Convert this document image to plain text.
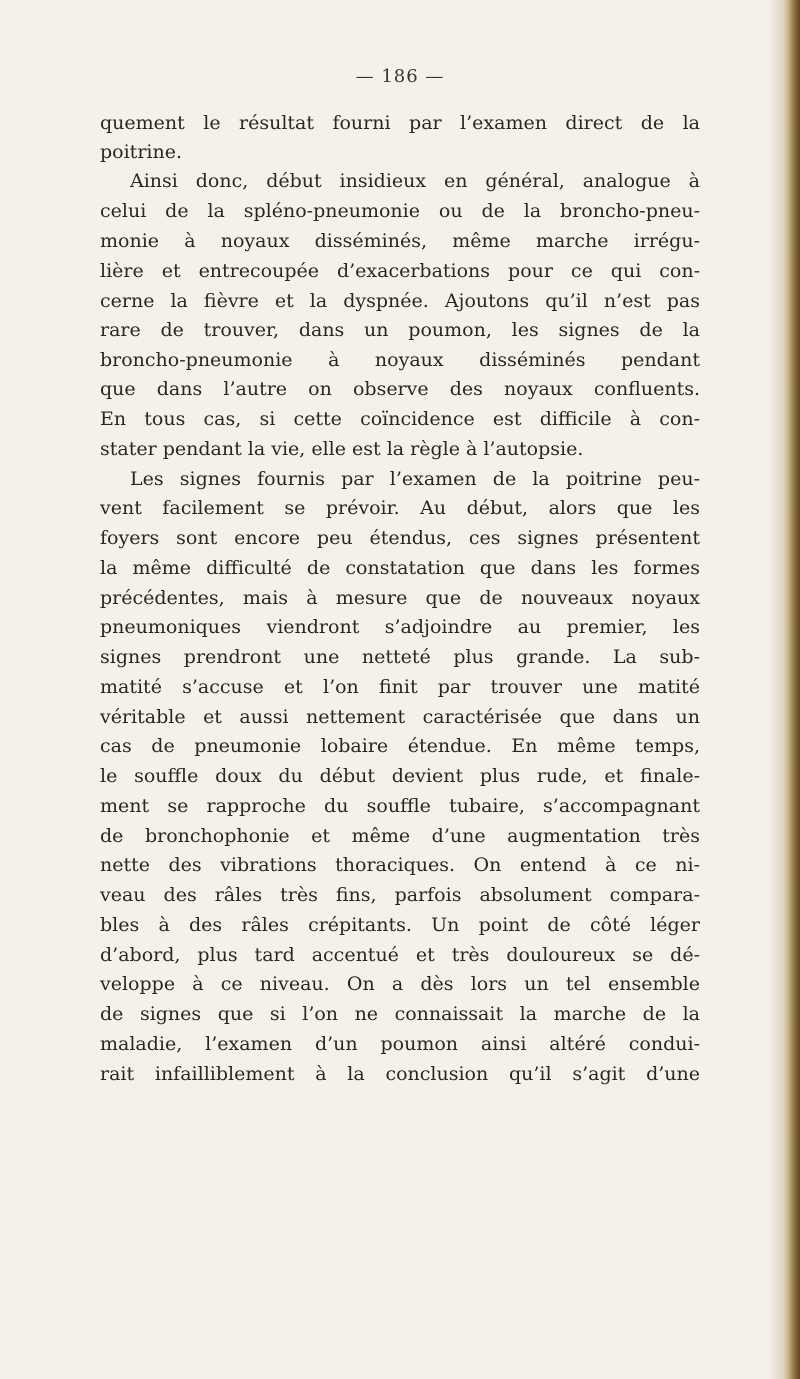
— 186 —

quement le résultat fourni par l’examen direct de la

poitrine.

Ainsi donc, début insidieux en général, analogue à

celui de la spléno-pneumonie ou de la broncho-pneu-

monie à noyaux disséminés, même marche irrégu-

lière et entrecoupée d’exacerbations pour ce qui con-

cerne la fièvre et la dyspnée. Ajoutons qu’il n’est pas

rare de trouver, dans un poumon, les signes de la

broncho-pneumonie à noyaux disséminés pendant

que dans l’autre on observe des noyaux confluents.

En tous cas, si cette coïncidence est difficile à con-

stater pendant la vie, elle est la règle à l’autopsie.

Les signes fournis par l’examen de la poitrine peu-

vent facilement se prévoir. Au début, alors que les

foyers sont encore peu étendus, ces signes présentent

la même difficulté de constatation que dans les formes

précédentes, mais à mesure que de nouveaux noyaux

pneumoniques viendront s’adjoindre au premier, les

signes prendront une netteté plus grande. La sub-

matité s’accuse et l’on finit par trouver une matité

véritable et aussi nettement caractérisée que dans un

cas de pneumonie lobaire étendue. En même temps,

le souffle doux du début devient plus rude, et finale-

ment se rapproche du souffle tubaire, s’accompagnant

de bronchophonie et même d’une augmentation très

nette des vibrations thoraciques. On entend à ce ni-

veau des râles très fins, parfois absolument compara-

bles à des râles crépitants. Un point de côté léger

d’abord, plus tard accentué et très douloureux se dé-

veloppe à ce niveau. On a dès lors un tel ensemble

de signes que si l’on ne connaissait la marche de la

maladie, l’examen d’un poumon ainsi altéré condui-

rait infailliblement à la conclusion qu’il s’agit d’une
